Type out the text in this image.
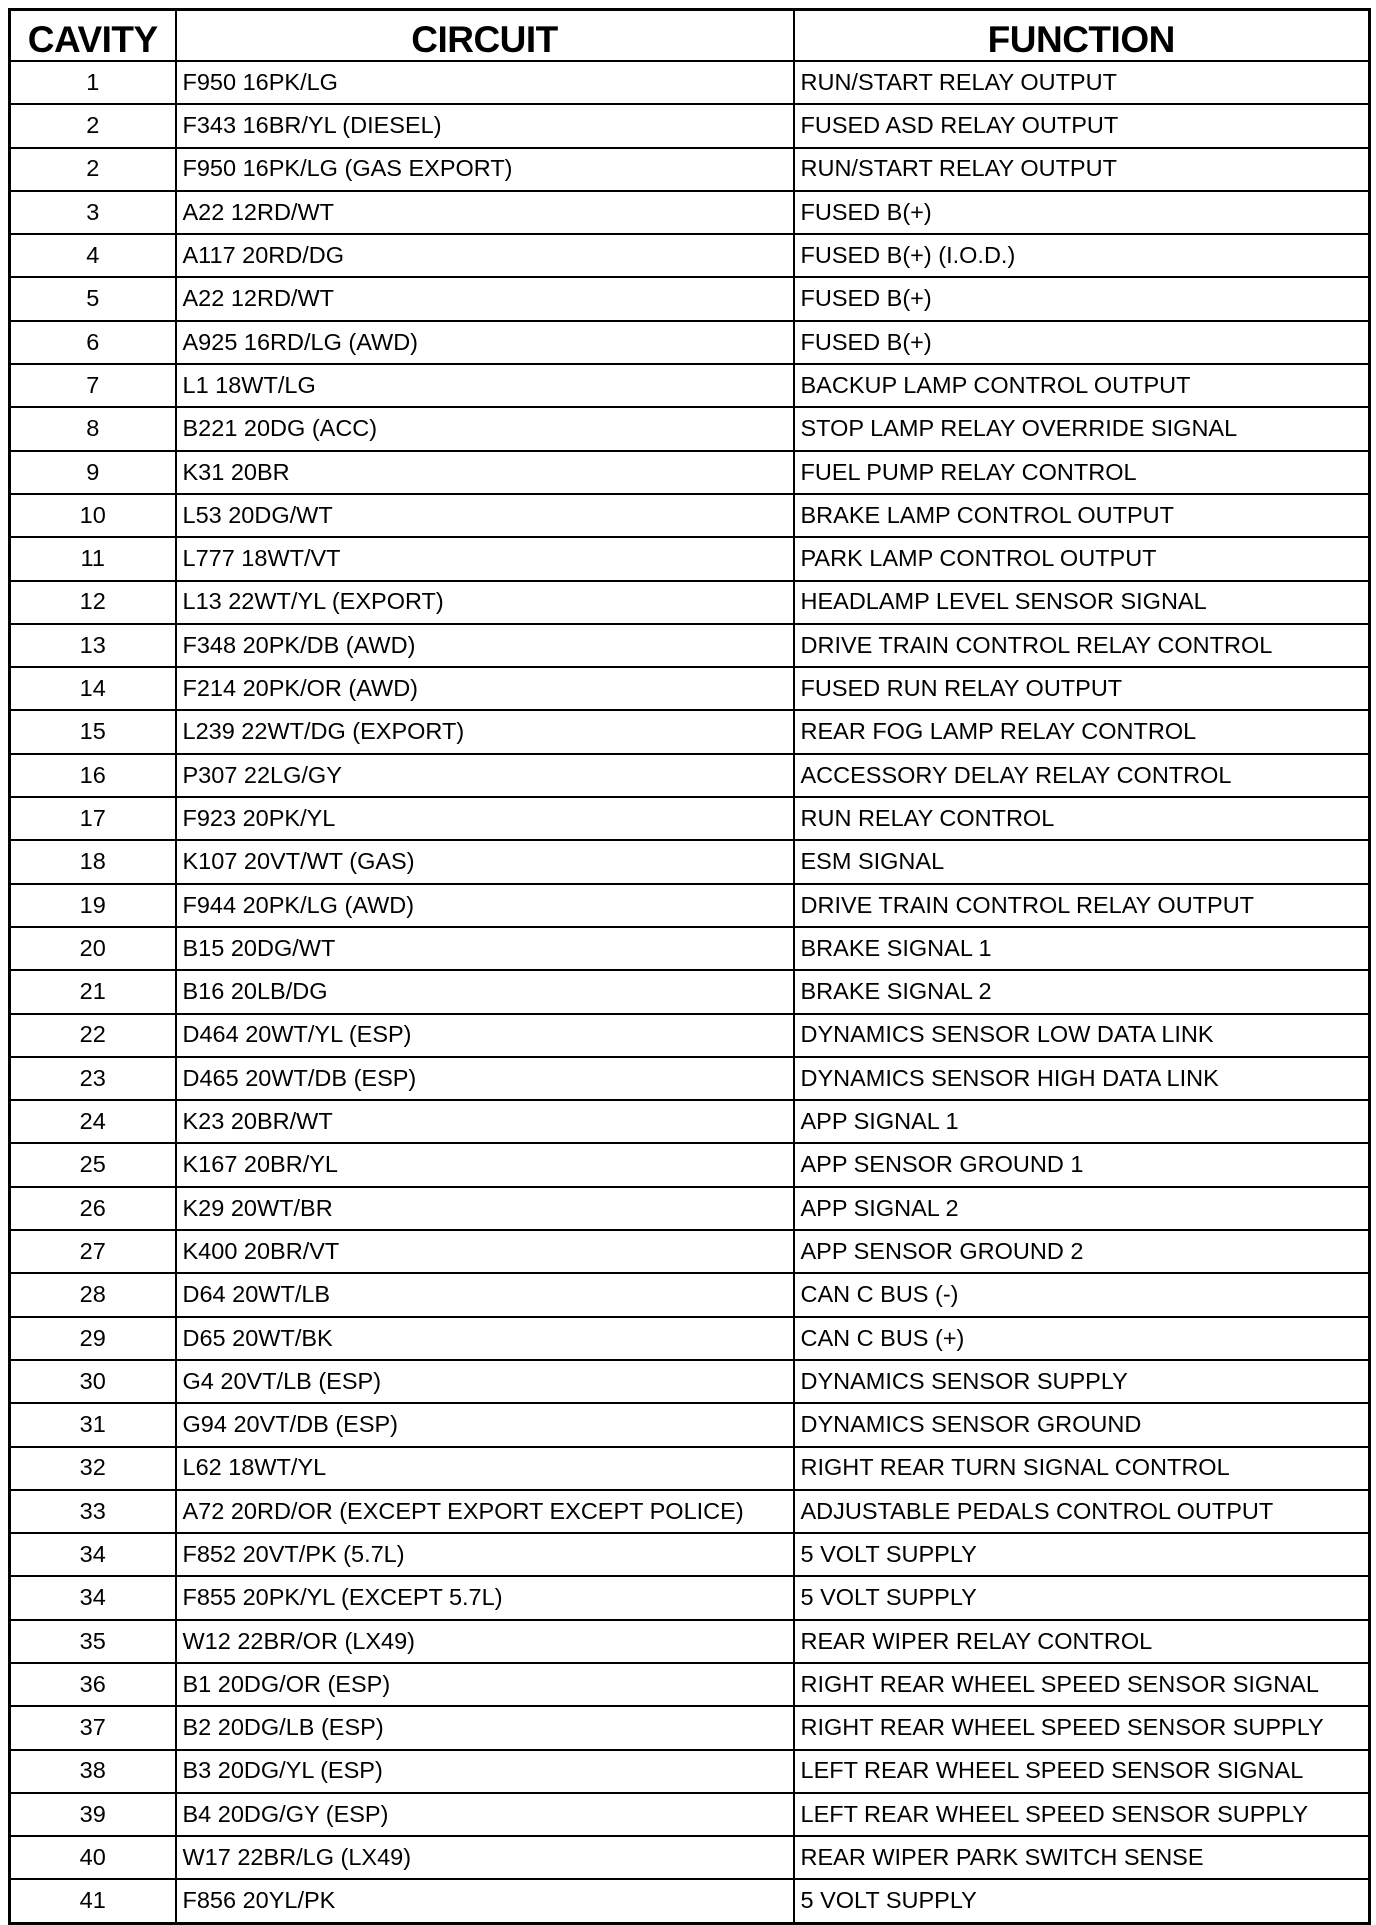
CAVITY	CIRCUIT	FUNCTION
1	F950 16PK/LG	RUN/START RELAY OUTPUT
2	F343 16BR/YL (DIESEL)	FUSED ASD RELAY OUTPUT
2	F950 16PK/LG (GAS EXPORT)	RUN/START RELAY OUTPUT
3	A22 12RD/WT	FUSED B(+)
4	A117 20RD/DG	FUSED B(+) (I.O.D.)
5	A22 12RD/WT	FUSED B(+)
6	A925 16RD/LG (AWD)	FUSED B(+)
7	L1 18WT/LG	BACKUP LAMP CONTROL OUTPUT
8	B221 20DG (ACC)	STOP LAMP RELAY OVERRIDE SIGNAL
9	K31 20BR	FUEL PUMP RELAY CONTROL
10	L53 20DG/WT	BRAKE LAMP CONTROL OUTPUT
11	L777 18WT/VT	PARK LAMP CONTROL OUTPUT
12	L13 22WT/YL (EXPORT)	HEADLAMP LEVEL SENSOR SIGNAL
13	F348 20PK/DB (AWD)	DRIVE TRAIN CONTROL RELAY CONTROL
14	F214 20PK/OR (AWD)	FUSED RUN RELAY OUTPUT
15	L239 22WT/DG (EXPORT)	REAR FOG LAMP RELAY CONTROL
16	P307 22LG/GY	ACCESSORY DELAY RELAY CONTROL
17	F923 20PK/YL	RUN RELAY CONTROL
18	K107 20VT/WT (GAS)	ESM SIGNAL
19	F944 20PK/LG (AWD)	DRIVE TRAIN CONTROL RELAY OUTPUT
20	B15 20DG/WT	BRAKE SIGNAL 1
21	B16 20LB/DG	BRAKE SIGNAL 2
22	D464 20WT/YL (ESP)	DYNAMICS SENSOR LOW DATA LINK
23	D465 20WT/DB (ESP)	DYNAMICS SENSOR HIGH DATA LINK
24	K23 20BR/WT	APP SIGNAL 1
25	K167 20BR/YL	APP SENSOR GROUND 1
26	K29 20WT/BR	APP SIGNAL 2
27	K400 20BR/VT	APP SENSOR GROUND 2
28	D64 20WT/LB	CAN C BUS (-)
29	D65 20WT/BK	CAN C BUS (+)
30	G4 20VT/LB (ESP)	DYNAMICS SENSOR SUPPLY
31	G94 20VT/DB (ESP)	DYNAMICS SENSOR GROUND
32	L62 18WT/YL	RIGHT REAR TURN SIGNAL CONTROL
33	A72 20RD/OR (EXCEPT EXPORT EXCEPT POLICE)	ADJUSTABLE PEDALS CONTROL OUTPUT
34	F852 20VT/PK (5.7L)	5 VOLT SUPPLY
34	F855 20PK/YL (EXCEPT 5.7L)	5 VOLT SUPPLY
35	W12 22BR/OR (LX49)	REAR WIPER RELAY CONTROL
36	B1 20DG/OR (ESP)	RIGHT REAR WHEEL SPEED SENSOR SIGNAL
37	B2 20DG/LB (ESP)	RIGHT REAR WHEEL SPEED SENSOR SUPPLY
38	B3 20DG/YL (ESP)	LEFT REAR WHEEL SPEED SENSOR SIGNAL
39	B4 20DG/GY (ESP)	LEFT REAR WHEEL SPEED SENSOR SUPPLY
40	W17 22BR/LG (LX49)	REAR WIPER PARK SWITCH SENSE
41	F856 20YL/PK	5 VOLT SUPPLY
